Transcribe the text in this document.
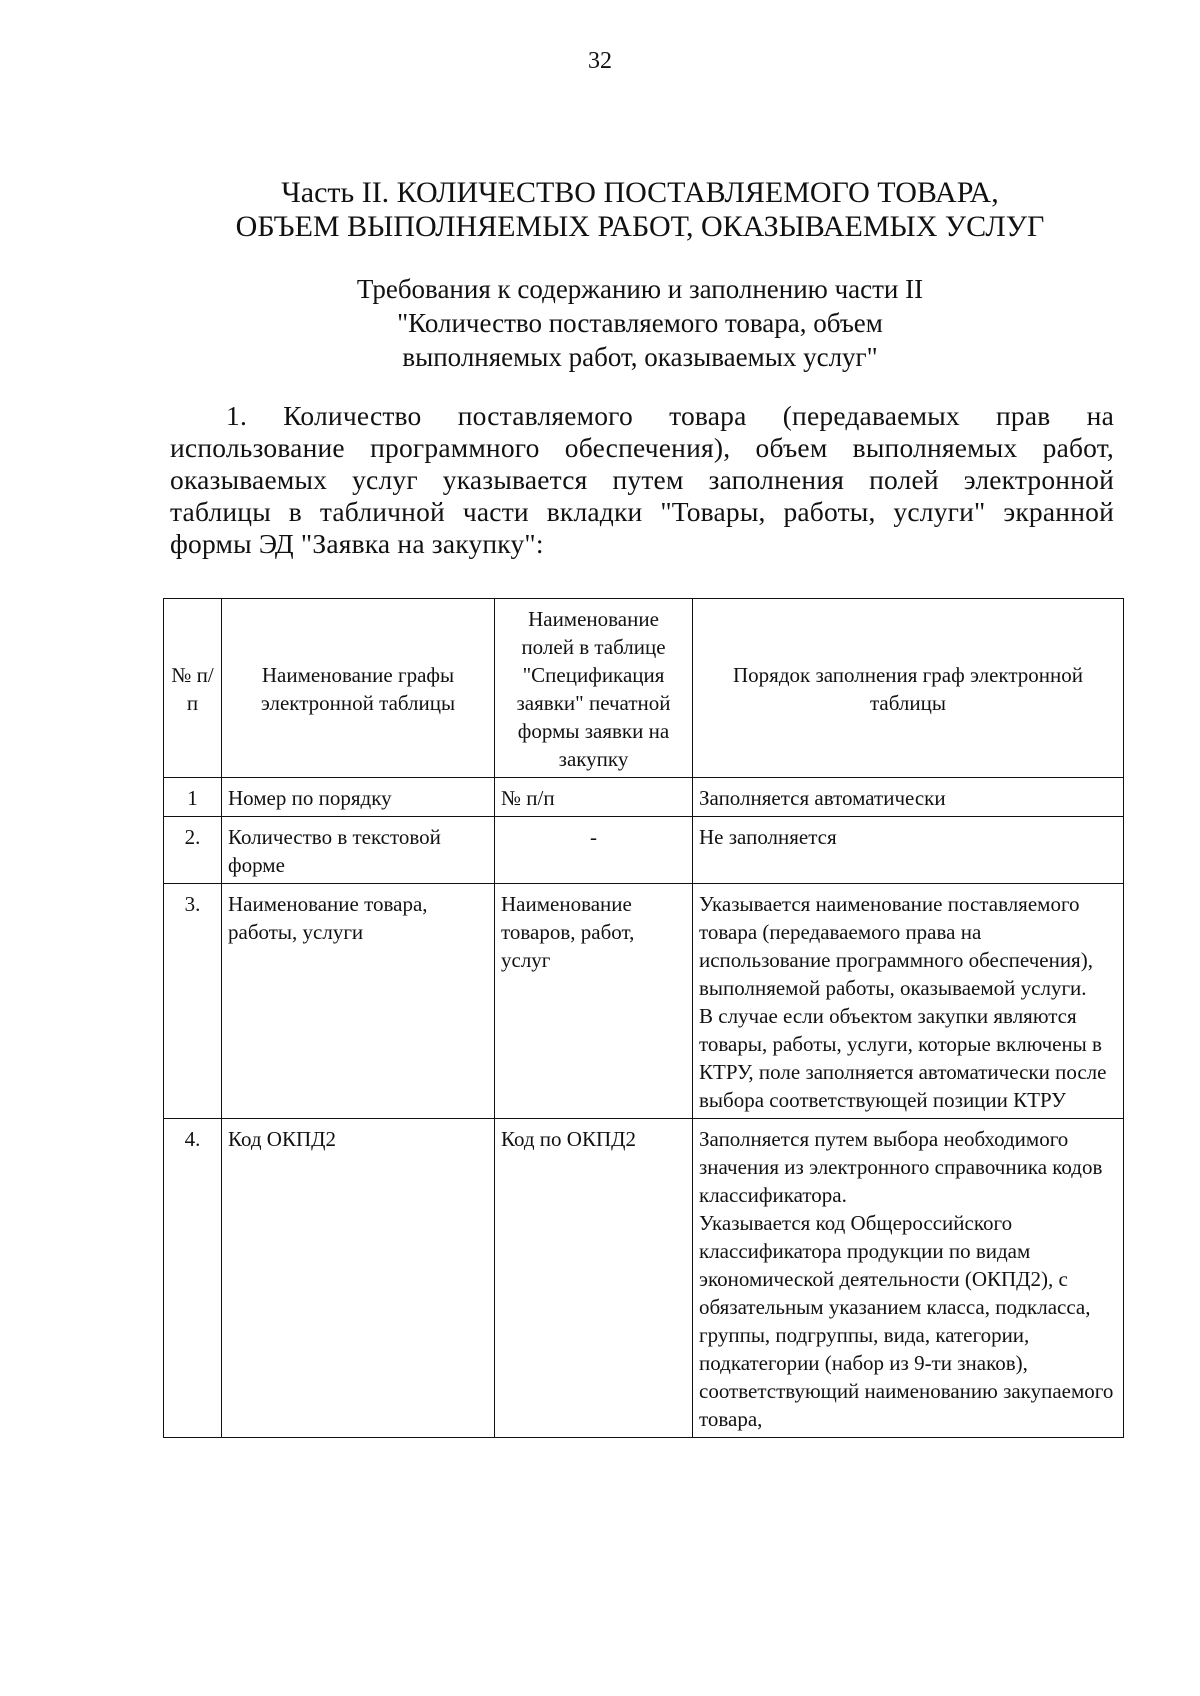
32
Часть II. КОЛИЧЕСТВО ПОСТАВЛЯЕМОГО ТОВАРА,
ОБЪЕМ ВЫПОЛНЯЕМЫХ РАБОТ, ОКАЗЫВАЕМЫХ УСЛУГ
Требования к содержанию и заполнению части II
"Количество поставляемого товара, объем
выполняемых работ, оказываемых услуг"

1. Количество поставляемого товара (передаваемых прав на использование программного обеспечения), объем выполняемых работ, оказываемых услуг указывается путем заполнения полей электронной таблицы в табличной части вкладки "Товары, работы, услуги" экранной формы ЭД "Заявка на закупку":

№ п/п	Наименование графы электронной таблицы	Наименование полей в таблице "Спецификация заявки" печатной формы заявки на закупку	Порядок заполнения граф электронной таблицы
1	Номер по порядку	№ п/п	Заполняется автоматически

2.	Количество в текстовой форме	-	Не заполняется

3.	Наименование товара, работы, услуги	Наименование товаров, работ, услуг	Указывается наименование поставляемого товара (передаваемого права на использование программного обеспечения), выполняемой работы, оказываемой услуги.
В случае если объектом закупки являются товары, работы, услуги, которые включены в КТРУ, поле заполняется автоматически после выбора соответствующей позиции КТРУ

4.	Код ОКПД2	Код по ОКПД2	Заполняется путем выбора необходимого значения из электронного справочника кодов классификатора.
Указывается код Общероссийского классификатора продукции по видам экономической деятельности (ОКПД2), с обязательным указанием класса, подкласса, группы, подгруппы, вида, категории, подкатегории (набор из 9-ти знаков), соответствующий наименованию закупаемого товара,
